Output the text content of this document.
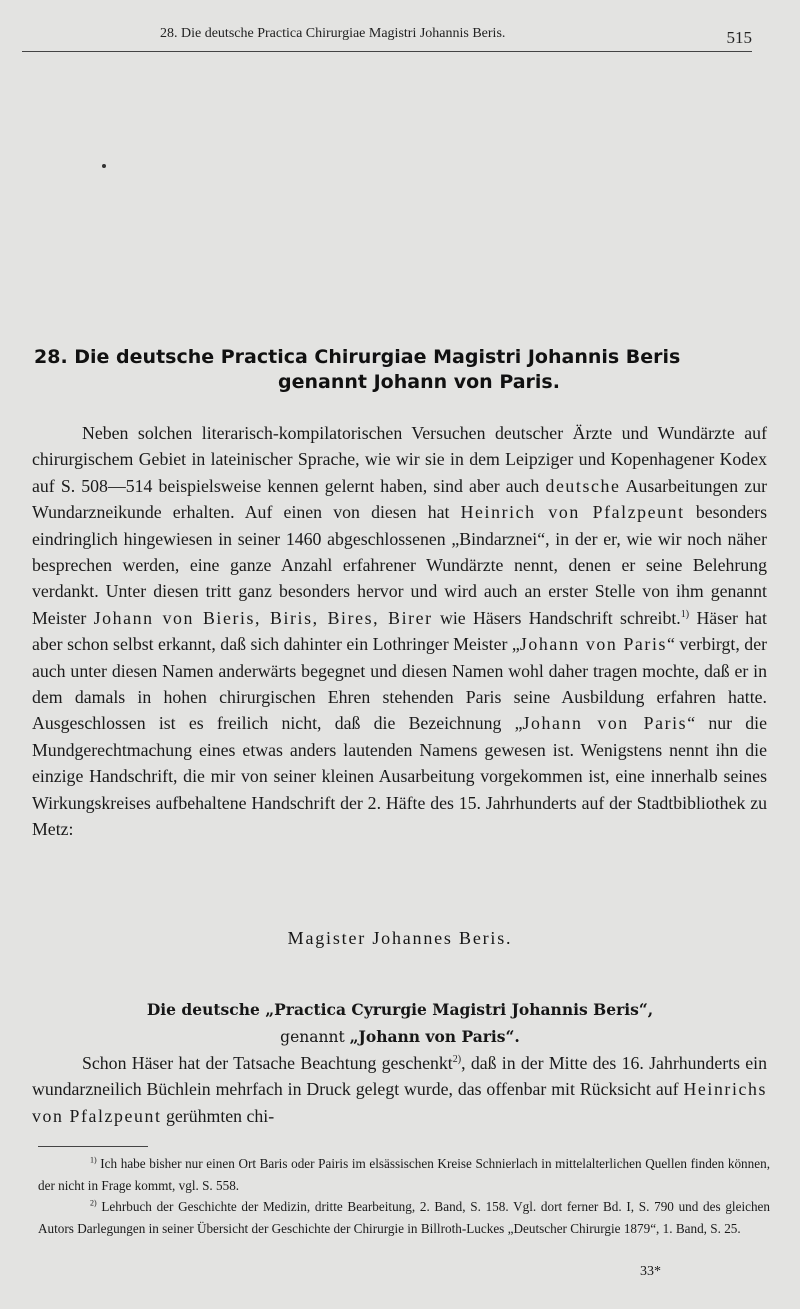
28. Die deutsche Practica Chirurgiae Magistri Johannis Beris.	515
28. Die deutsche Practica Chirurgiae Magistri Johannis Beris
genannt Johann von Paris.

Neben solchen literarisch-kompilatorischen Versuchen deutscher Ärzte und Wundärzte auf chirurgischem Gebiet in lateinischer Sprache, wie wir sie in dem Leipziger und Kopenhagener Kodex auf S. 508—514 beispielsweise kennen gelernt haben, sind aber auch deutsche Ausarbeitungen zur Wundarzneikunde erhalten. Auf einen von diesen hat Heinrich von Pfalzpeunt besonders eindringlich hingewiesen in seiner 1460 abgeschlossenen „Bindarznei“, in der er, wie wir noch näher besprechen werden, eine ganze Anzahl erfahrener Wundärzte nennt, denen er seine Belehrung verdankt. Unter diesen tritt ganz besonders hervor und wird auch an erster Stelle von ihm genannt Meister Johann von Bieris, Biris, Bires, Birer wie Häsers Handschrift schreibt.$^{1)}$ Häser hat aber schon selbst erkannt, daß sich dahinter ein Lothringer Meister „Johann von Paris“ verbirgt, der auch unter diesen Namen anderwärts begegnet und diesen Namen wohl daher tragen mochte, daß er in dem damals in hohen chirurgischen Ehren stehenden Paris seine Ausbildung erfahren hatte. Ausgeschlossen ist es freilich nicht, daß die Bezeichnung „Johann von Paris“ nur die Mundgerechtmachung eines etwas anders lautenden Namens gewesen ist. Wenigstens nennt ihn die einzige Handschrift, die mir von seiner kleinen Ausarbeitung vorgekommen ist, eine innerhalb seines Wirkungskreises aufbehaltene Handschrift der 2. Häfte des 15. Jahrhunderts auf der Stadtbibliothek zu Metz:

Magister Johannes Beris.
Die deutsche „Practica Cyrurgie Magistri Johannis Beris“,
genannt „Johann von Paris“.

Schon Häser hat der Tatsache Beachtung geschenkt$^{2)}$, daß in der Mitte des 16. Jahrhunderts ein wundarzneilich Büchlein mehrfach in Druck gelegt wurde, das offenbar mit Rücksicht auf Heinrichs von Pfalzpeunt gerühmten chi-

$^{1)}$ Ich habe bisher nur einen Ort Baris oder Pairis im elsässischen Kreise Schnierlach in mittelalterlichen Quellen finden können, der nicht in Frage kommt, vgl. S. 558.

$^{2)}$ Lehrbuch der Geschichte der Medizin, dritte Bearbeitung, 2. Band, S. 158. Vgl. dort ferner Bd. I, S. 790 und des gleichen Autors Darlegungen in seiner Übersicht der Geschichte der Chirurgie in Billroth-Luckes „Deutscher Chirurgie 1879“, 1. Band, S. 25.

33*
